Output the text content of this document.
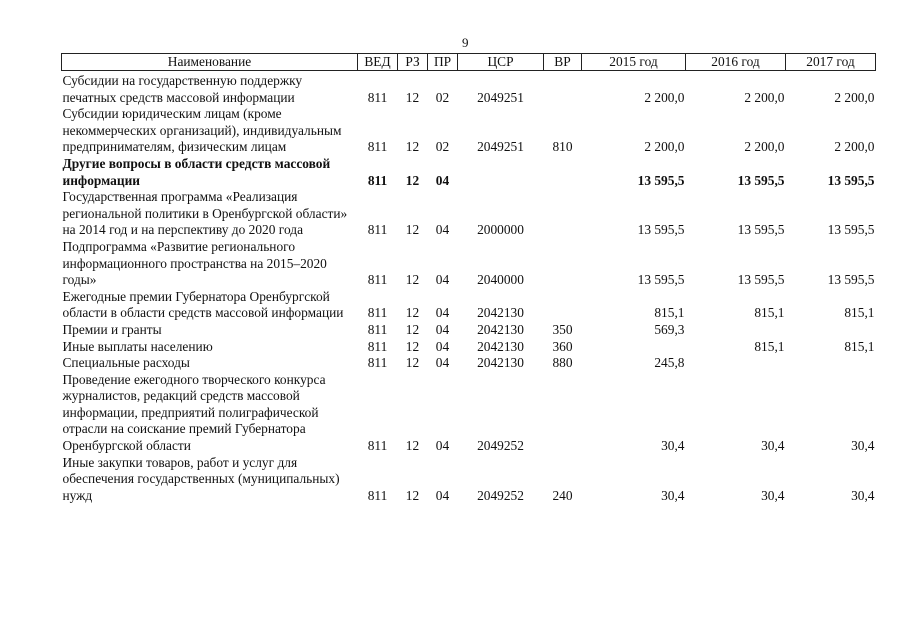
9
Наименование	ВЕД	РЗ	ПР	ЦСР	ВР	2015 год	2016 год	2017 год
Субсидии на государственную поддержку печатных средств массовой информации	811	12	02	2049251		2 200,0	2 200,0	2 200,0
Субсидии юридическим лицам (кроме некоммерческих организаций), индивидуальным предпринимателям, физическим лицам	811	12	02	2049251	810	2 200,0	2 200,0	2 200,0
Другие вопросы в области средств массовой информации	811	12	04			13 595,5	13 595,5	13 595,5
Государственная программа «Реализация региональной политики в Оренбургской области» на 2014 год и на перспективу до 2020 года	811	12	04	2000000		13 595,5	13 595,5	13 595,5
Подпрограмма «Развитие регионального информационного пространства на 2015–2020 годы»	811	12	04	2040000		13 595,5	13 595,5	13 595,5
Ежегодные премии Губернатора Оренбургской области в области средств массовой информации	811	12	04	2042130		815,1	815,1	815,1
Премии и гранты	811	12	04	2042130	350	569,3		
Иные выплаты населению	811	12	04	2042130	360		815,1	815,1
Специальные расходы	811	12	04	2042130	880	245,8		
Проведение ежегодного творческого конкурса журналистов, редакций средств массовой информации, предприятий полиграфической отрасли на соискание премий Губернатора Оренбургской области	811	12	04	2049252		30,4	30,4	30,4
Иные закупки товаров, работ и услуг для обеспечения государственных (муниципальных) нужд	811	12	04	2049252	240	30,4	30,4	30,4
